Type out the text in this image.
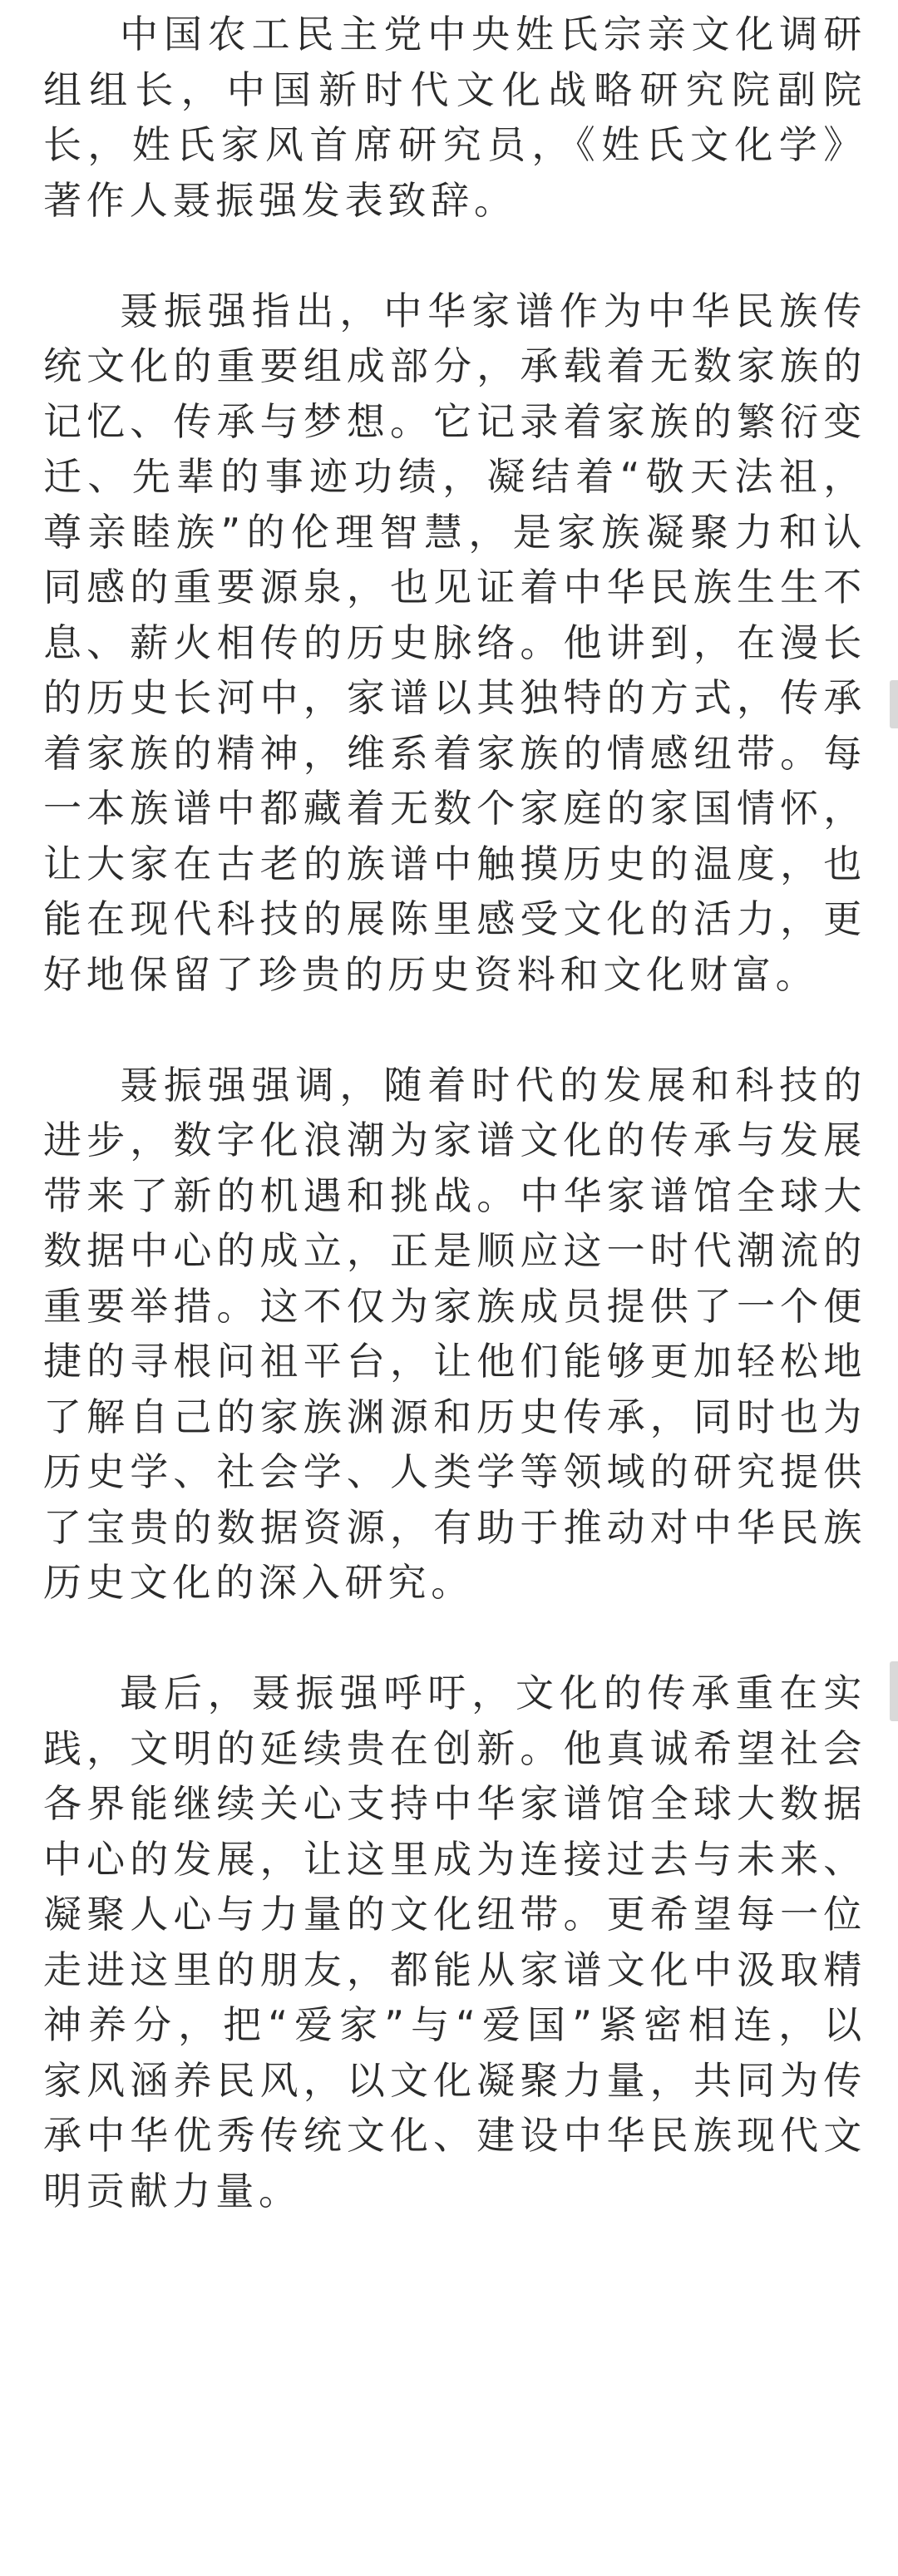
中国农工民主党中央姓氏宗亲文化调研组组长，中国新时代文化战略研究院副院长，姓氏家风首席研究员，《姓氏文化学》著作人聂振强发表致辞。

聂振强指出，中华家谱作为中华民族传统文化的重要组成部分，承载着无数家族的记忆、传承与梦想。它记录着家族的繁衍变迁、先辈的事迹功绩，凝结着“敬天法祖，尊亲睦族”的伦理智慧，是家族凝聚力和认同感的重要源泉，也见证着中华民族生生不息、薪火相传的历史脉络。他讲到，在漫长的历史长河中，家谱以其独特的方式，传承着家族的精神，维系着家族的情感纽带。每一本族谱中都藏着无数个家庭的家国情怀，让大家在古老的族谱中触摸历史的温度，也能在现代科技的展陈里感受文化的活力，更好地保留了珍贵的历史资料和文化财富。

聂振强强调，随着时代的发展和科技的进步，数字化浪潮为家谱文化的传承与发展带来了新的机遇和挑战。中华家谱馆全球大数据中心的成立，正是顺应这一时代潮流的重要举措。这不仅为家族成员提供了一个便捷的寻根问祖平台，让他们能够更加轻松地了解自己的家族渊源和历史传承，同时也为历史学、社会学、人类学等领域的研究提供了宝贵的数据资源，有助于推动对中华民族历史文化的深入研究。

最后，聂振强呼吁，文化的传承重在实践，文明的延续贵在创新。他真诚希望社会各界能继续关心支持中华家谱馆全球大数据中心的发展，让这里成为连接过去与未来、凝聚人心与力量的文化纽带。更希望每一位走进这里的朋友，都能从家谱文化中汲取精神养分，把“爱家”与“爱国”紧密相连，以家风涵养民风，以文化凝聚力量，共同为传承中华优秀传统文化、建设中华民族现代文明贡献力量。
